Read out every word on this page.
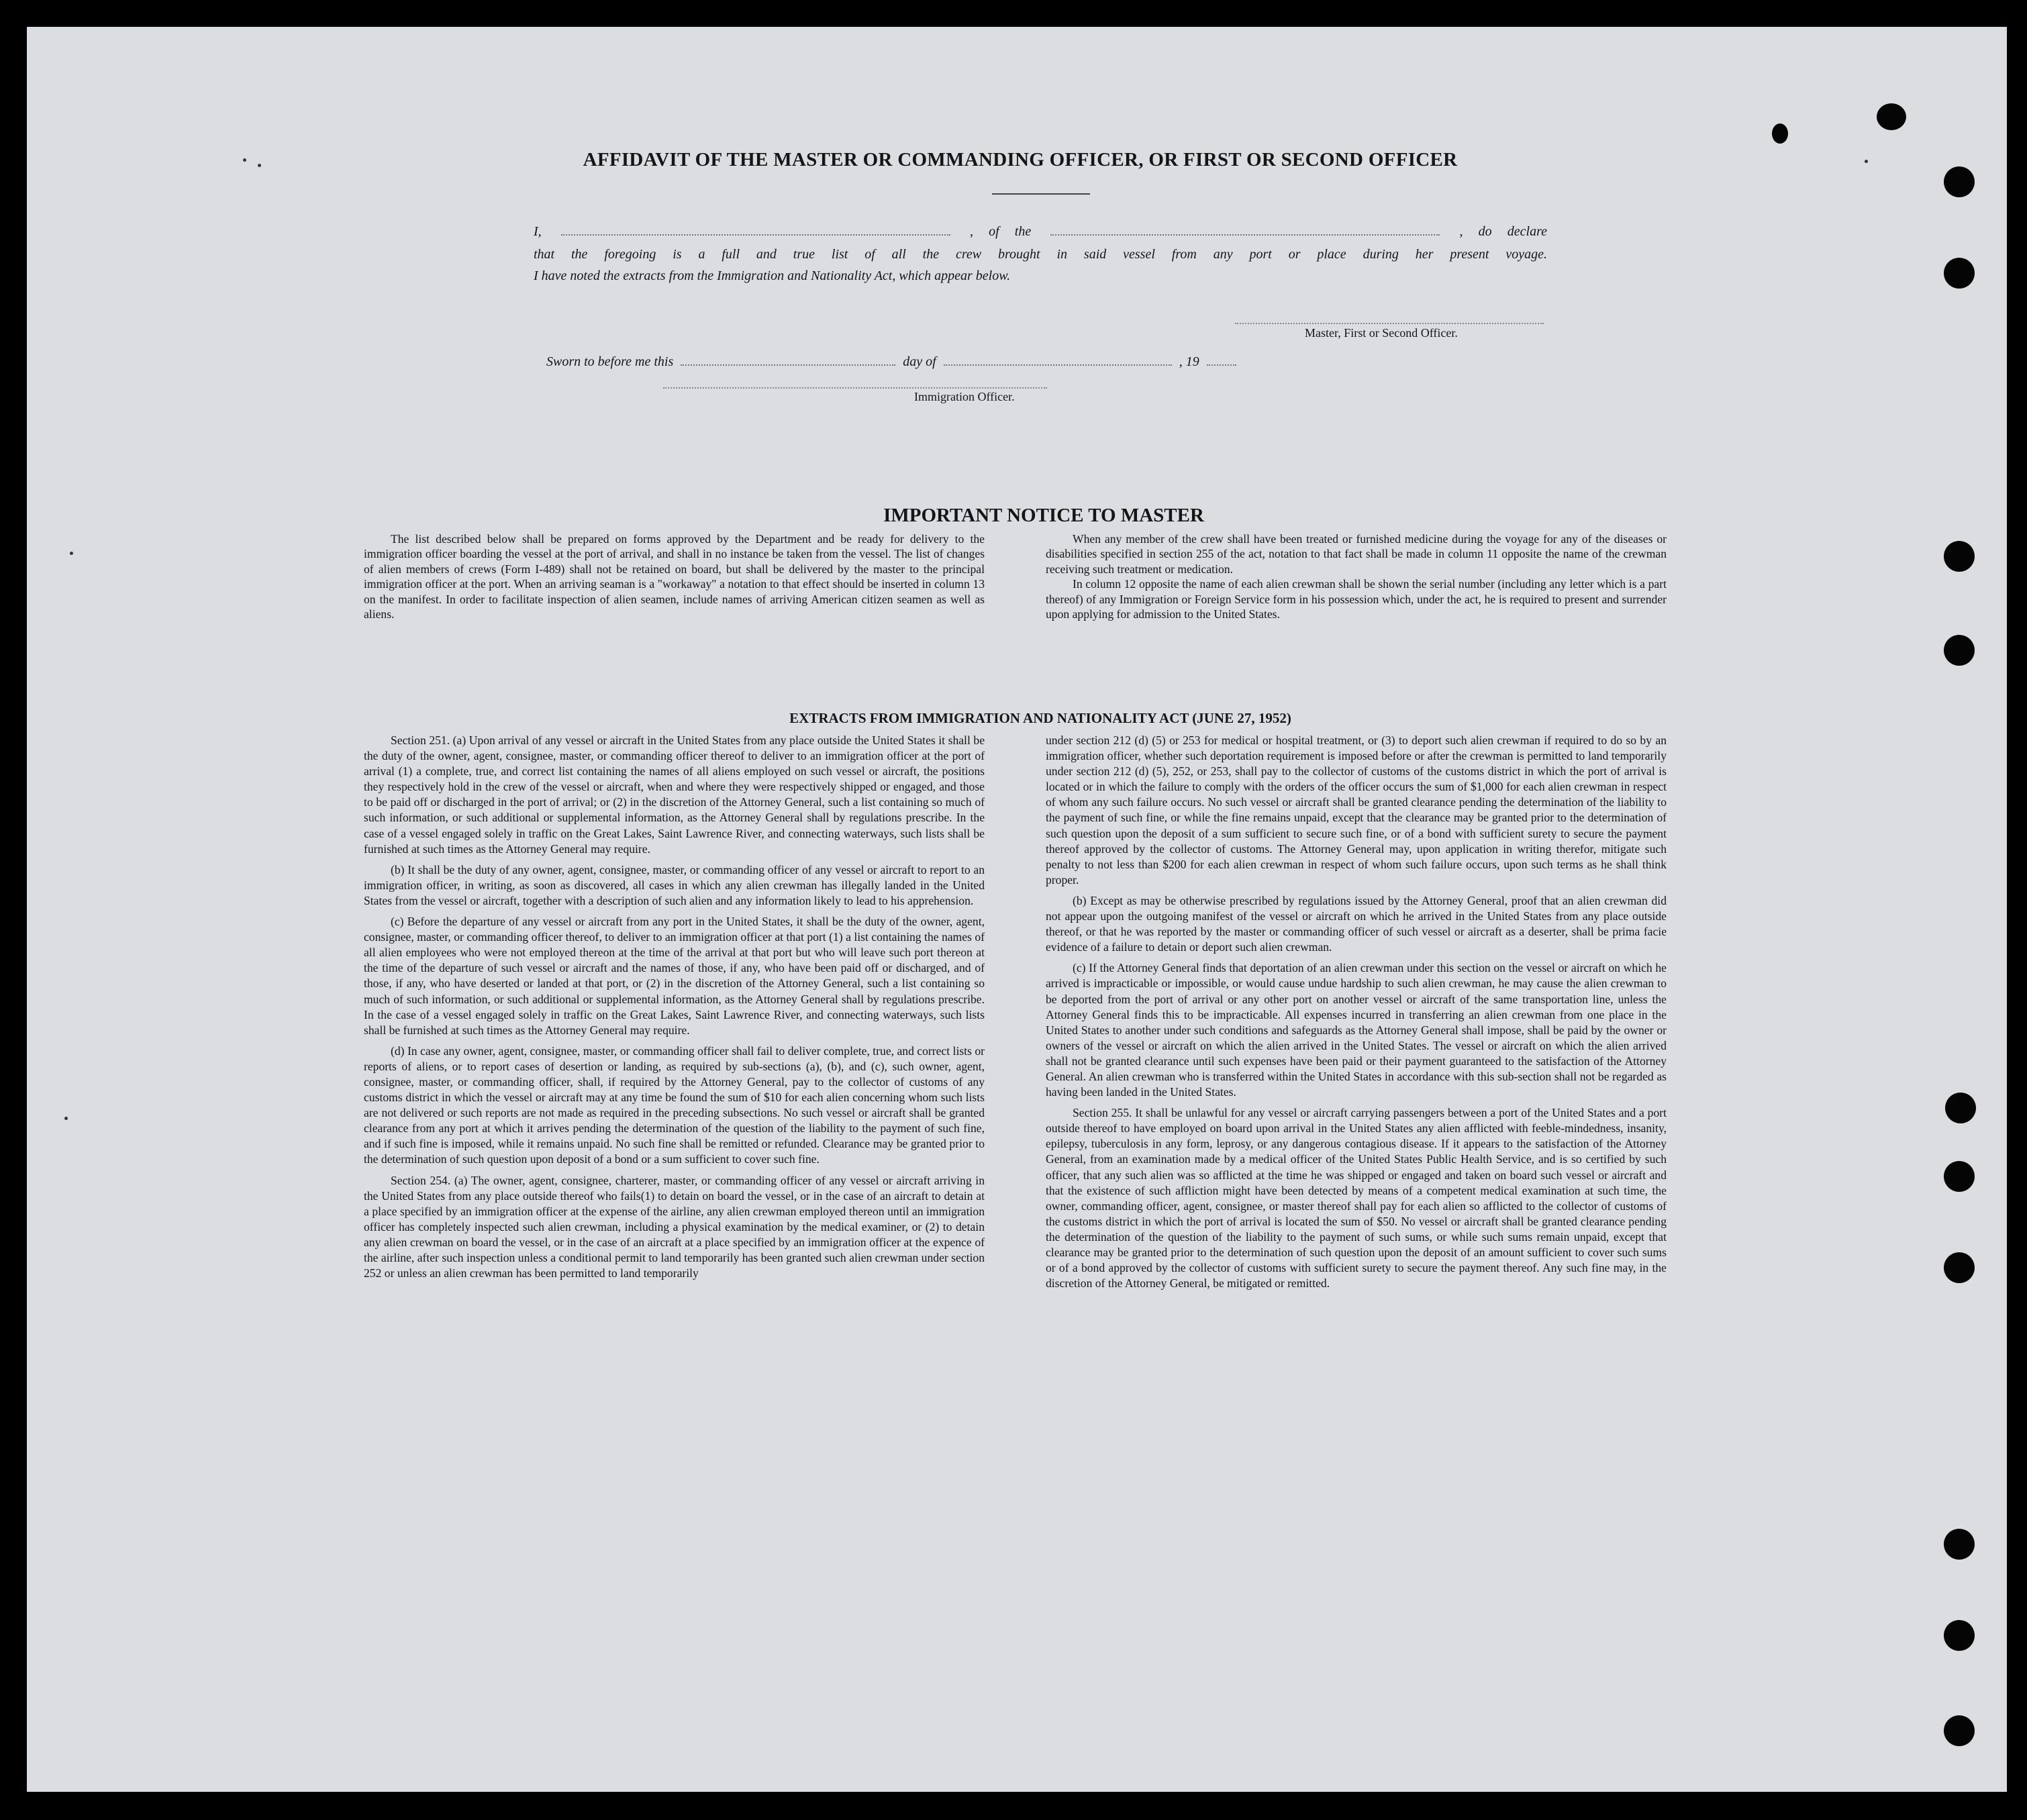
AFFIDAVIT OF THE MASTER OR COMMANDING OFFICER, OR FIRST OR SECOND OFFICER
I,	, of the	, do declare
that the foregoing is a full and true list of all the crew brought in said vessel from any port or place during her present voyage.
I have noted the extracts from the Immigration and Nationality Act, which appear below.
Master, First or Second Officer.
Sworn to before me this	day of	, 19
Immigration Officer.
IMPORTANT NOTICE TO MASTER

The list described below shall be prepared on forms approved by the Department and be ready for delivery to the immigration officer boarding the vessel at the port of arrival, and shall in no instance be taken from the vessel. The list of changes of alien members of crews (Form I-489) shall not be retained on board, but shall be delivered by the master to the principal immigration officer at the port. When an arriving seaman is a "workaway" a notation to that effect should be inserted in column 13 on the manifest. In order to facilitate inspection of alien seamen, include names of arriving American citizen seamen as well as aliens.

When any member of the crew shall have been treated or furnished medicine during the voyage for any of the diseases or disabilities specified in section 255 of the act, notation to that fact shall be made in column 11 opposite the name of the crewman receiving such treatment or medication.

In column 12 opposite the name of each alien crewman shall be shown the serial number (including any letter which is a part thereof) of any Immigration or Foreign Service form in his possession which, under the act, he is required to present and surrender upon applying for admission to the United States.

EXTRACTS FROM IMMIGRATION AND NATIONALITY ACT (JUNE 27, 1952)

Section 251. (a) Upon arrival of any vessel or aircraft in the United States from any place outside the United States it shall be the duty of the owner, agent, consignee, master, or commanding officer thereof to deliver to an immigration officer at the port of arrival (1) a complete, true, and correct list containing the names of all aliens employed on such vessel or aircraft, the positions they respectively hold in the crew of the vessel or aircraft, when and where they were respectively shipped or engaged, and those to be paid off or discharged in the port of arrival; or (2) in the discretion of the Attorney General, such a list containing so much of such information, or such additional or supplemental information, as the Attorney General shall by regulations prescribe. In the case of a vessel engaged solely in traffic on the Great Lakes, Saint Lawrence River, and connecting waterways, such lists shall be furnished at such times as the Attorney General may require.

(b) It shall be the duty of any owner, agent, consignee, master, or commanding officer of any vessel or aircraft to report to an immigration officer, in writing, as soon as discovered, all cases in which any alien crewman has illegally landed in the United States from the vessel or aircraft, together with a description of such alien and any information likely to lead to his apprehension.

(c) Before the departure of any vessel or aircraft from any port in the United States, it shall be the duty of the owner, agent, consignee, master, or commanding officer thereof, to deliver to an immigration officer at that port (1) a list containing the names of all alien employees who were not employed thereon at the time of the arrival at that port but who will leave such port thereon at the time of the departure of such vessel or aircraft and the names of those, if any, who have been paid off or discharged, and of those, if any, who have deserted or landed at that port, or (2) in the discretion of the Attorney General, such a list containing so much of such information, or such additional or supplemental information, as the Attorney General shall by regulations prescribe. In the case of a vessel engaged solely in traffic on the Great Lakes, Saint Lawrence River, and connecting waterways, such lists shall be furnished at such times as the Attorney General may require.

(d) In case any owner, agent, consignee, master, or commanding officer shall fail to deliver complete, true, and correct lists or reports of aliens, or to report cases of desertion or landing, as required by sub-sections (a), (b), and (c), such owner, agent, consignee, master, or commanding officer, shall, if required by the Attorney General, pay to the collector of customs of any customs district in which the vessel or aircraft may at any time be found the sum of $10 for each alien concerning whom such lists are not delivered or such reports are not made as required in the preceding subsections. No such vessel or aircraft shall be granted clearance from any port at which it arrives pending the determination of the question of the liability to the payment of such fine, and if such fine is imposed, while it remains unpaid. No such fine shall be remitted or refunded. Clearance may be granted prior to the determination of such question upon deposit of a bond or a sum sufficient to cover such fine.

Section 254. (a) The owner, agent, consignee, charterer, master, or commanding officer of any vessel or aircraft arriving in the United States from any place outside thereof who fails(1) to detain on board the vessel, or in the case of an aircraft to detain at a place specified by an immigration officer at the expense of the airline, any alien crewman employed thereon until an immigration officer has completely inspected such alien crewman, including a physical examination by the medical examiner, or (2) to detain any alien crewman on board the vessel, or in the case of an aircraft at a place specified by an immigration officer at the expence of the airline, after such inspection unless a conditional permit to land temporarily has been granted such alien crewman under section 252 or unless an alien crewman has been permitted to land temporarily

under section 212 (d) (5) or 253 for medical or hospital treatment, or (3) to deport such alien crewman if required to do so by an immigration officer, whether such deportation requirement is imposed before or after the crewman is permitted to land temporarily under section 212 (d) (5), 252, or 253, shall pay to the collector of customs of the customs district in which the port of arrival is located or in which the failure to comply with the orders of the officer occurs the sum of $1,000 for each alien crewman in respect of whom any such failure occurs. No such vessel or aircraft shall be granted clearance pending the determination of the liability to the payment of such fine, or while the fine remains unpaid, except that the clearance may be granted prior to the determination of such question upon the deposit of a sum sufficient to secure such fine, or of a bond with sufficient surety to secure the payment thereof approved by the collector of customs. The Attorney General may, upon application in writing therefor, mitigate such penalty to not less than $200 for each alien crewman in respect of whom such failure occurs, upon such terms as he shall think proper.

(b) Except as may be otherwise prescribed by regulations issued by the Attorney General, proof that an alien crewman did not appear upon the outgoing manifest of the vessel or aircraft on which he arrived in the United States from any place outside thereof, or that he was reported by the master or commanding officer of such vessel or aircraft as a deserter, shall be prima facie evidence of a failure to detain or deport such alien crewman.

(c) If the Attorney General finds that deportation of an alien crewman under this section on the vessel or aircraft on which he arrived is impracticable or impossible, or would cause undue hardship to such alien crewman, he may cause the alien crewman to be deported from the port of arrival or any other port on another vessel or aircraft of the same transportation line, unless the Attorney General finds this to be impracticable. All expenses incurred in transferring an alien crewman from one place in the United States to another under such conditions and safeguards as the Attorney General shall impose, shall be paid by the owner or owners of the vessel or aircraft on which the alien arrived in the United States. The vessel or aircraft on which the alien arrived shall not be granted clearance until such expenses have been paid or their payment guaranteed to the satisfaction of the Attorney General. An alien crewman who is transferred within the United States in accordance with this sub-section shall not be regarded as having been landed in the United States.

Section 255. It shall be unlawful for any vessel or aircraft carrying passengers between a port of the United States and a port outside thereof to have employed on board upon arrival in the United States any alien afflicted with feeble-mindedness, insanity, epilepsy, tuberculosis in any form, leprosy, or any dangerous contagious disease. If it appears to the satisfaction of the Attorney General, from an examination made by a medical officer of the United States Public Health Service, and is so certified by such officer, that any such alien was so afflicted at the time he was shipped or engaged and taken on board such vessel or aircraft and that the existence of such affliction might have been detected by means of a competent medical examination at such time, the owner, commanding officer, agent, consignee, or master thereof shall pay for each alien so afflicted to the collector of customs of the customs district in which the port of arrival is located the sum of $50. No vessel or aircraft shall be granted clearance pending the determination of the question of the liability to the payment of such sums, or while such sums remain unpaid, except that clearance may be granted prior to the determination of such question upon the deposit of an amount sufficient to cover such sums or of a bond approved by the collector of customs with sufficient surety to secure the payment thereof. Any such fine may, in the discretion of the Attorney General, be mitigated or remitted.
